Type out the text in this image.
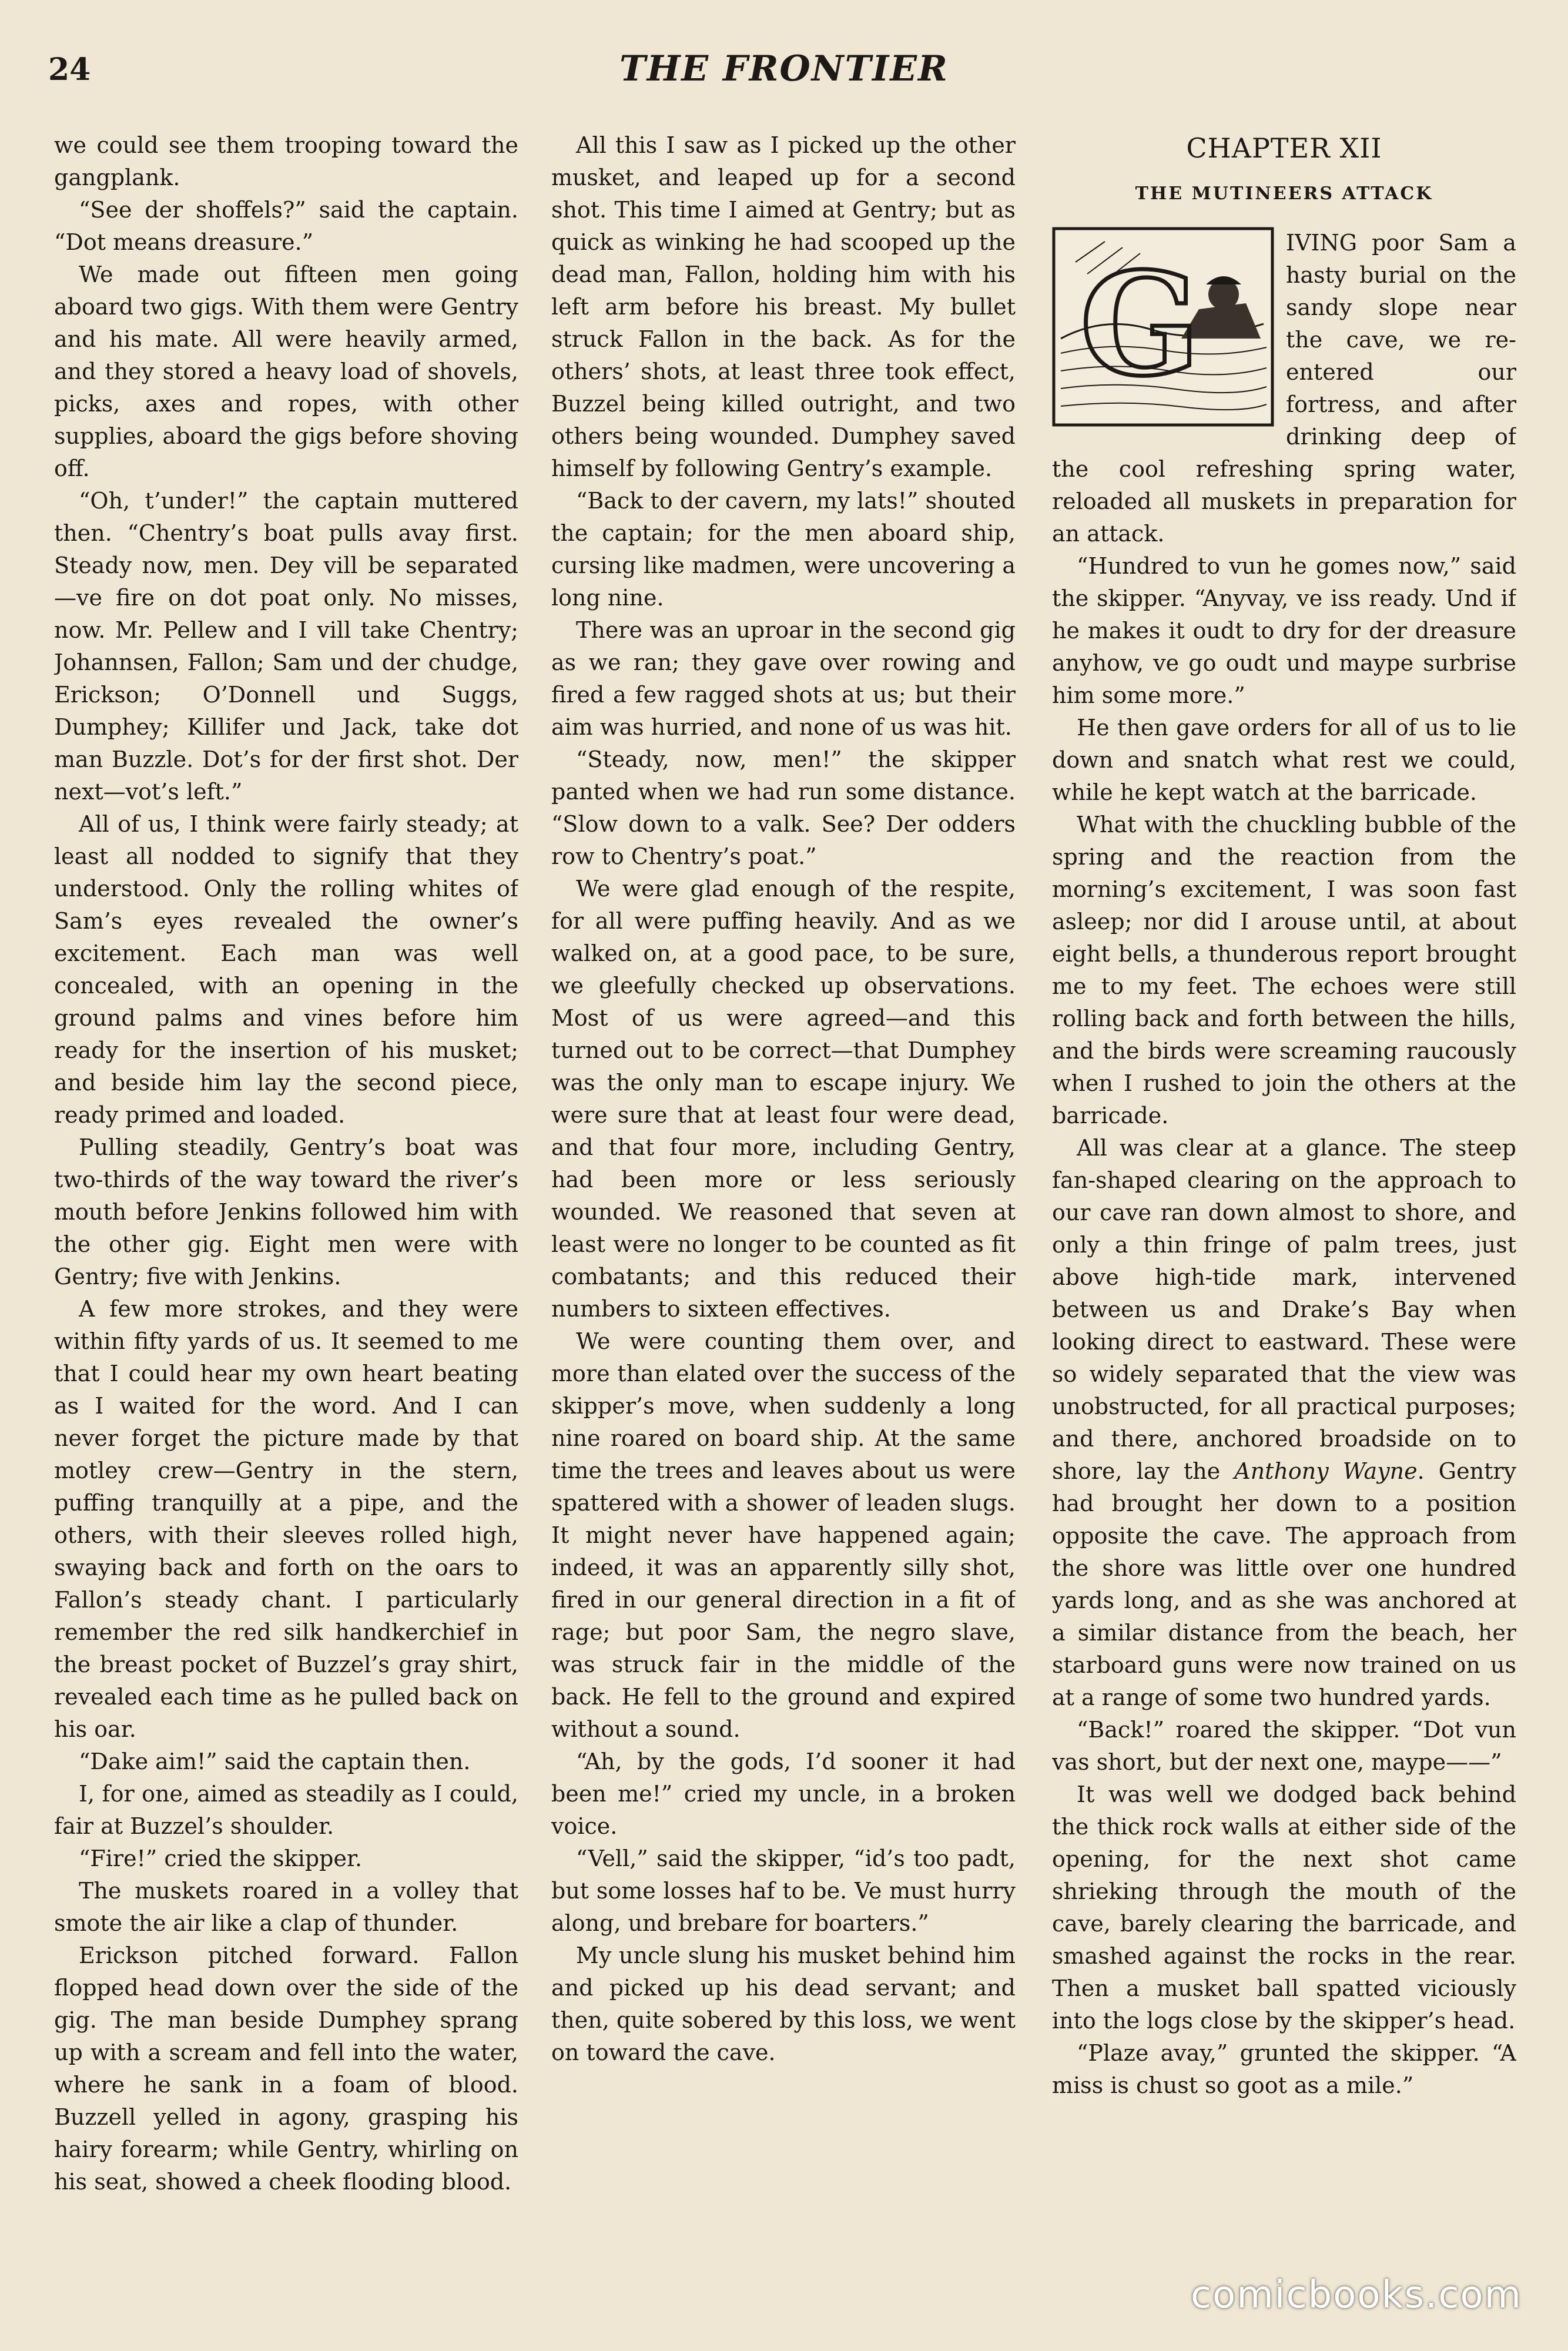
24	THE FRONTIER

we could see them trooping toward the gangplank.

“See der shoffels?” said the captain. “Dot means dreasure.”

We made out fifteen men going aboard two gigs. With them were Gentry and his mate. All were heavily armed, and they stored a heavy load of shovels, picks, axes and ropes, with other supplies, aboard the gigs before shoving off.

“Oh, t’under!” the captain muttered then. “Chentry’s boat pulls avay first. Steady now, men. Dey vill be separated—ve fire on dot poat only. No misses, now. Mr. Pellew and I vill take Chentry; Johannsen, Fallon; Sam und der chudge, Erickson; O’Donnell und Suggs, Dumphey; Killifer und Jack, take dot man Buzzle. Dot’s for der first shot. Der next—vot’s left.”

All of us, I think were fairly steady; at least all nodded to signify that they understood. Only the rolling whites of Sam’s eyes revealed the owner’s excitement. Each man was well concealed, with an opening in the ground palms and vines before him ready for the insertion of his musket; and beside him lay the second piece, ready primed and loaded.

Pulling steadily, Gentry’s boat was two-thirds of the way toward the river’s mouth before Jenkins followed him with the other gig. Eight men were with Gentry; five with Jenkins.

A few more strokes, and they were within fifty yards of us. It seemed to me that I could hear my own heart beating as I waited for the word. And I can never forget the picture made by that motley crew—Gentry in the stern, puffing tranquilly at a pipe, and the others, with their sleeves rolled high, swaying back and forth on the oars to Fallon’s steady chant. I particularly remember the red silk handkerchief in the breast pocket of Buzzel’s gray shirt, revealed each time as he pulled back on his oar.

“Dake aim!” said the captain then.

I, for one, aimed as steadily as I could, fair at Buzzel’s shoulder.

“Fire!” cried the skipper.

The muskets roared in a volley that smote the air like a clap of thunder.

Erickson pitched forward. Fallon flopped head down over the side of the gig. The man beside Dumphey sprang up with a scream and fell into the water, where he sank in a foam of blood. Buzzell yelled in agony, grasping his hairy forearm; while Gentry, whirling on his seat, showed a cheek flooding blood.

All this I saw as I picked up the other musket, and leaped up for a second shot. This time I aimed at Gentry; but as quick as winking he had scooped up the dead man, Fallon, holding him with his left arm before his breast. My bullet struck Fallon in the back. As for the others’ shots, at least three took effect, Buzzel being killed outright, and two others being wounded. Dumphey saved himself by following Gentry’s example.

“Back to der cavern, my lats!” shouted the captain; for the men aboard ship, cursing like madmen, were uncovering a long nine.

There was an uproar in the second gig as we ran; they gave over rowing and fired a few ragged shots at us; but their aim was hurried, and none of us was hit.

“Steady, now, men!” the skipper panted when we had run some distance. “Slow down to a valk. See? Der odders row to Chentry’s poat.”

We were glad enough of the respite, for all were puffing heavily. And as we walked on, at a good pace, to be sure, we gleefully checked up observations. Most of us were agreed—and this turned out to be correct—that Dumphey was the only man to escape injury. We were sure that at least four were dead, and that four more, including Gentry, had been more or less seriously wounded. We reasoned that seven at least were no longer to be counted as fit combatants; and this reduced their numbers to sixteen effectives.

We were counting them over, and more than elated over the success of the skipper’s move, when suddenly a long nine roared on board ship. At the same time the trees and leaves about us were spattered with a shower of leaden slugs. It might never have happened again; indeed, it was an apparently silly shot, fired in our general direction in a fit of rage; but poor Sam, the negro slave, was struck fair in the middle of the back. He fell to the ground and expired without a sound.

“Ah, by the gods, I’d sooner it had been me!” cried my uncle, in a broken voice.

“Vell,” said the skipper, “id’s too padt, but some losses haf to be. Ve must hurry along, und brebare for boarters.”

My uncle slung his musket behind him and picked up his dead servant; and then, quite sobered by this loss, we went on toward the cave.

CHAPTER XII
THE MUTINEERS ATTACK
G	IVING poor Sam a hasty burial on the sandy slope near the cave, we re-entered our fortress, and after drinking deep of the cool refreshing spring water, reloaded all muskets in preparation for an attack.

“Hundred to vun he gomes now,” said the skipper. “Anyvay, ve iss ready. Und if he makes it oudt to dry for der dreasure anyhow, ve go oudt und maype surbrise him some more.”

He then gave orders for all of us to lie down and snatch what rest we could, while he kept watch at the barricade.

What with the chuckling bubble of the spring and the reaction from the morning’s excitement, I was soon fast asleep; nor did I arouse until, at about eight bells, a thunderous report brought me to my feet. The echoes were still rolling back and forth between the hills, and the birds were screaming raucously when I rushed to join the others at the barricade.

All was clear at a glance. The steep fan-shaped clearing on the approach to our cave ran down almost to shore, and only a thin fringe of palm trees, just above high-tide mark, intervened between us and Drake’s Bay when looking direct to eastward. These were so widely separated that the view was unobstructed, for all practical purposes; and there, anchored broadside on to shore, lay the Anthony Wayne. Gentry had brought her down to a position opposite the cave. The approach from the shore was little over one hundred yards long, and as she was anchored at a similar distance from the beach, her starboard guns were now trained on us at a range of some two hundred yards.

“Back!” roared the skipper. “Dot vun vas short, but der next one, maype——”

It was well we dodged back behind the thick rock walls at either side of the opening, for the next shot came shrieking through the mouth of the cave, barely clearing the barricade, and smashed against the rocks in the rear. Then a musket ball spatted viciously into the logs close by the skipper’s head.

“Plaze avay,” grunted the skipper. “A miss is chust so goot as a mile.”

comicbooks.com
